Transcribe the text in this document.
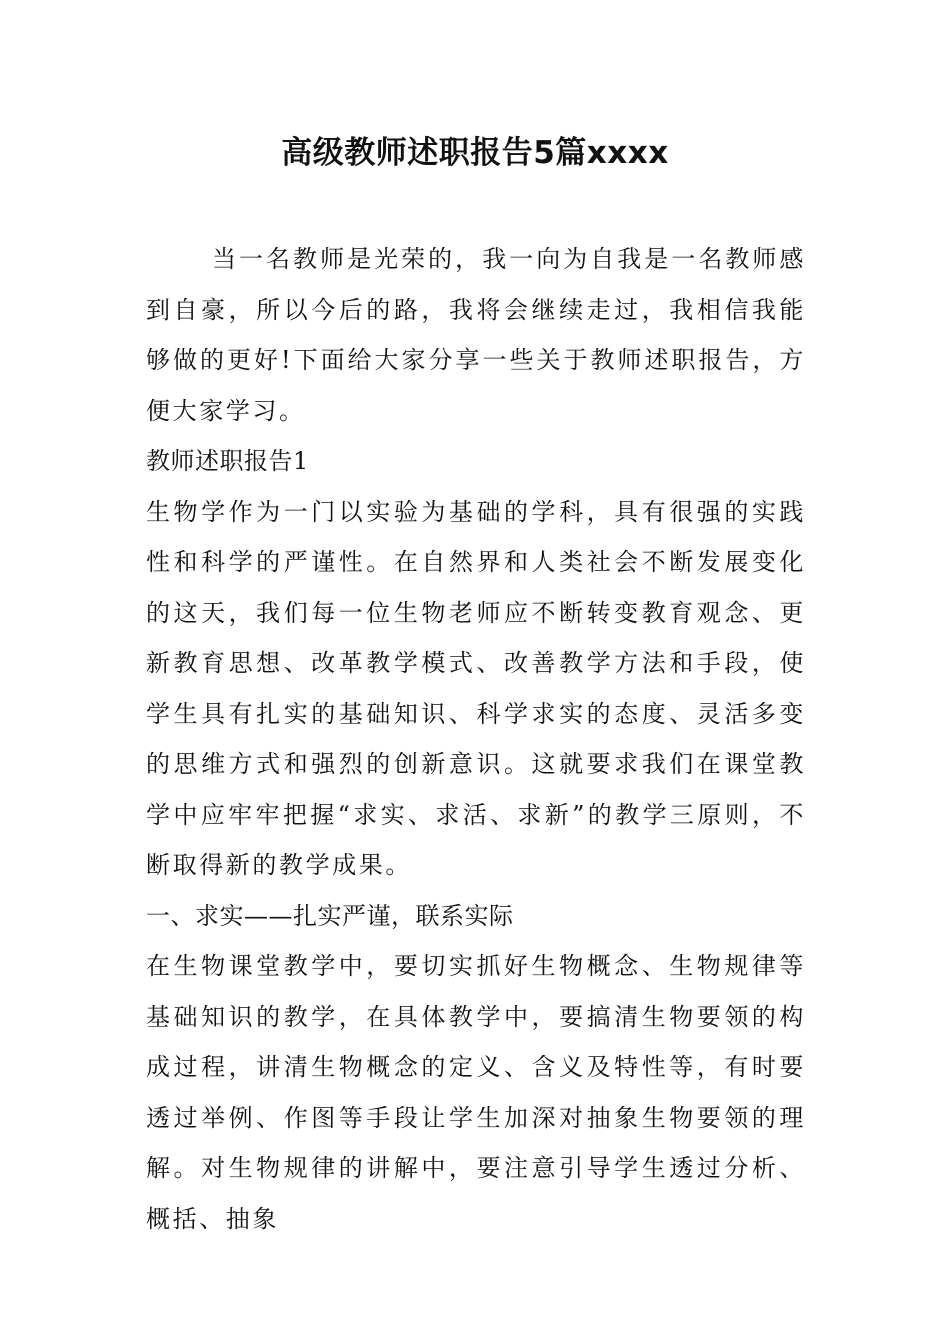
高级教师述职报告5篇xxxx

当一名教师是光荣的，我一向为自我是一名教师感到自豪，所以今后的路，我将会继续走过，我相信我能够做的更好!下面给大家分享一些关于教师述职报告，方便大家学习。

教师述职报告1

生物学作为一门以实验为基础的学科，具有很强的实践性和科学的严谨性。在自然界和人类社会不断发展变化的这天，我们每一位生物老师应不断转变教育观念、更新教育思想、改革教学模式、改善教学方法和手段，使学生具有扎实的基础知识、科学求实的态度、灵活多变的思维方式和强烈的创新意识。这就要求我们在课堂教学中应牢牢把握“求实、求活、求新”的教学三原则，不断取得新的教学成果。

一、求实——扎实严谨，联系实际

在生物课堂教学中，要切实抓好生物概念、生物规律等基础知识的教学，在具体教学中，要搞清生物要领的构成过程，讲清生物概念的定义、含义及特性等，有时要透过举例、作图等手段让学生加深对抽象生物要领的理解。对生物规律的讲解中，要注意引导学生透过分析、概括、抽象
